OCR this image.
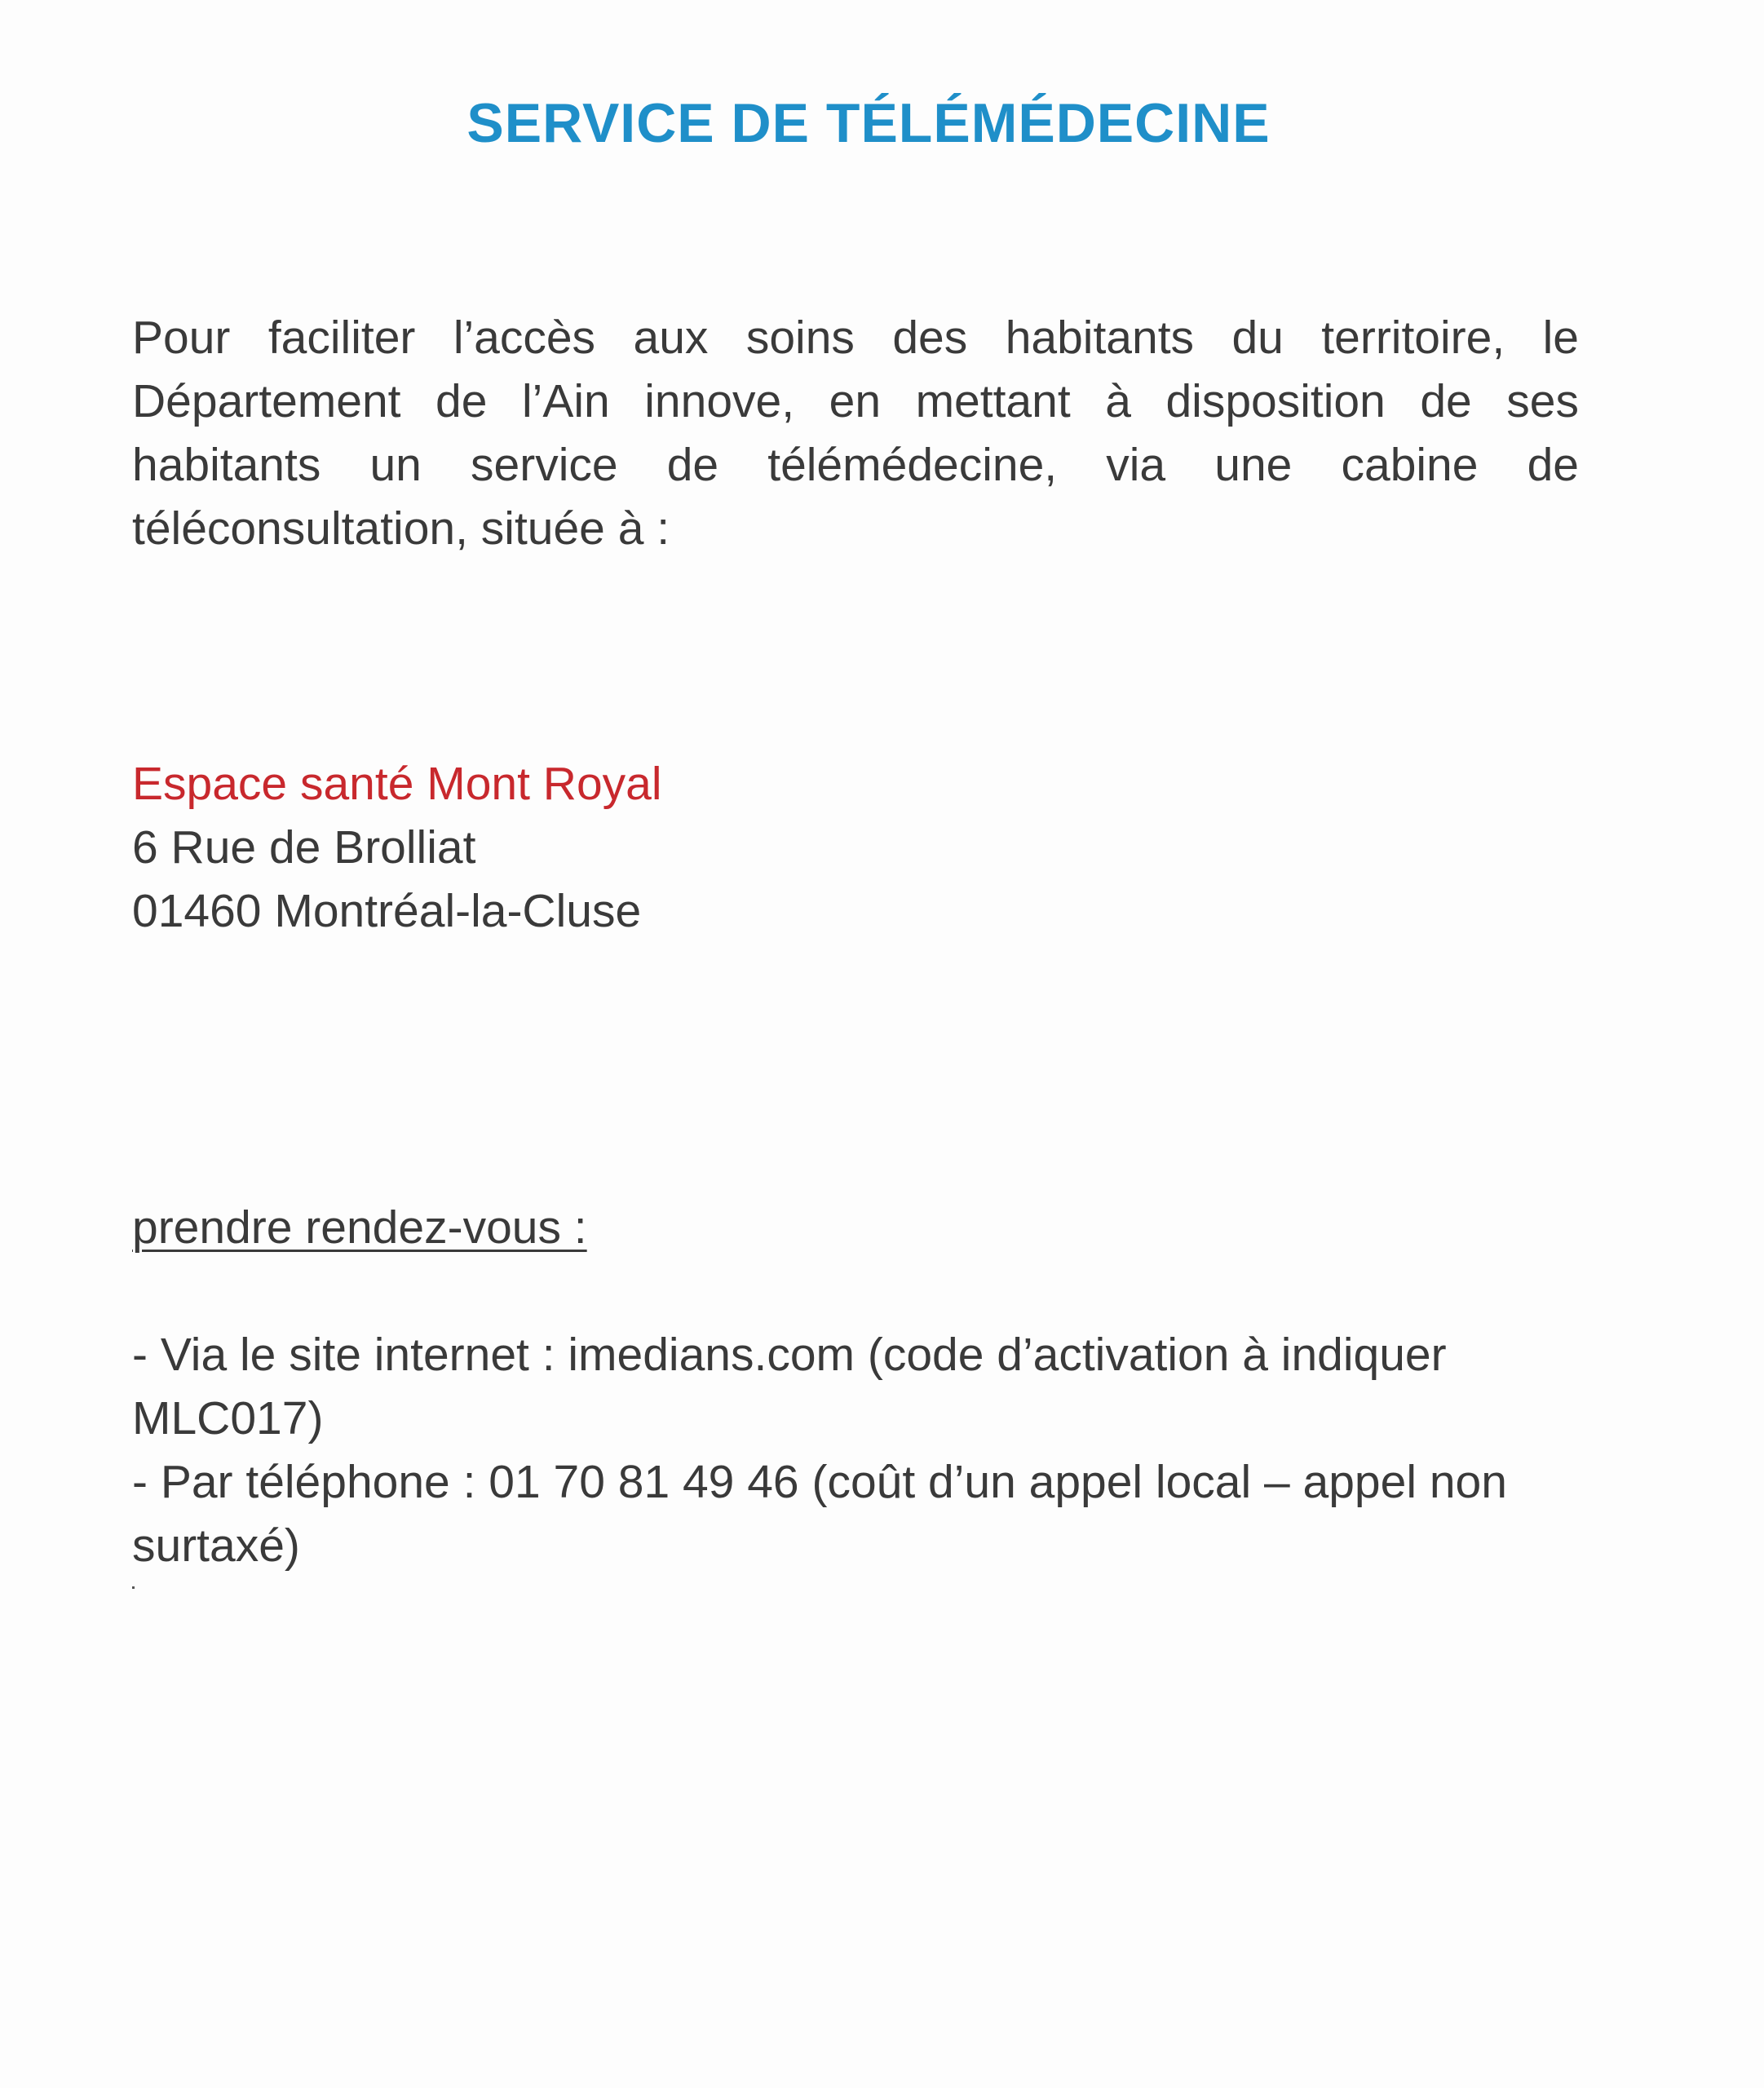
SERVICE DE TÉLÉMÉDECINE

Pour faciliter l’accès aux soins des habitants du territoire, le Département de l’Ain innove, en mettant à disposition de ses habitants un service de télémédecine, via une cabine de téléconsultation, située à :

Espace santé Mont Royal
6 Rue de Brolliat
01460 Montréal-la-Cluse

prendre rendez-vous :

- Via le site internet : imedians.com (code d’activation à indiquer MLC017)
- Par téléphone : 01 70 81 49 46 (coût d’un appel local – appel non surtaxé)
